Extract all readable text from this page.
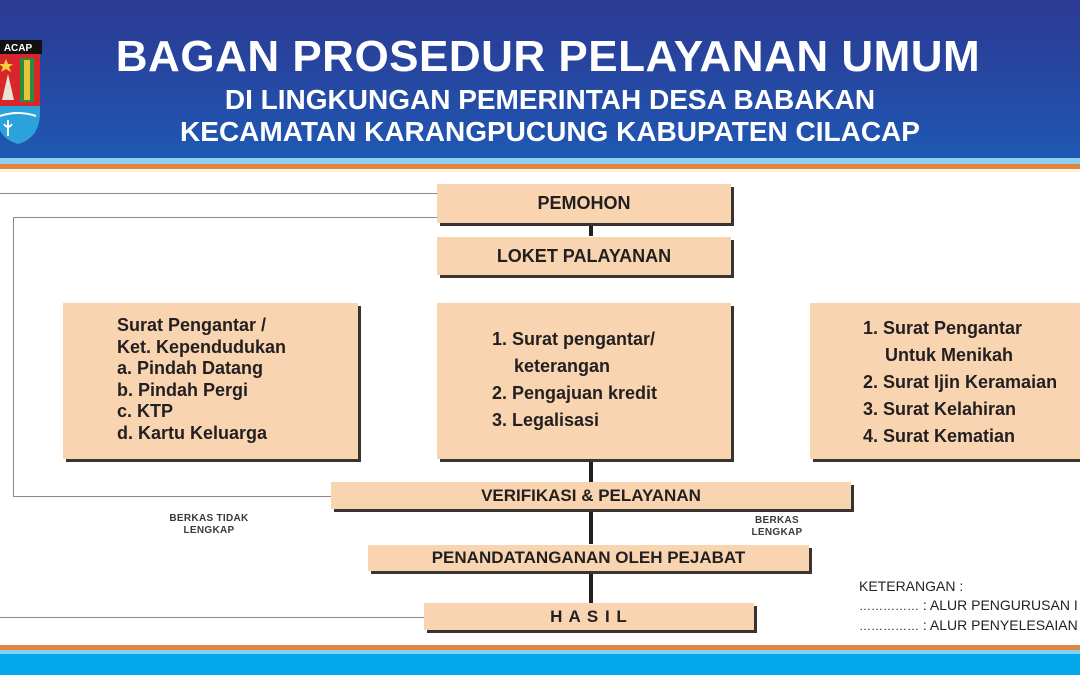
ACAP	BAGAN PROSEDUR PELAYANAN UMUM
DI LINGKUNGAN PEMERINTAH DESA BABAKAN
KECAMATAN KARANGPUCUNG KABUPATEN CILACAP
PEMOHON
LOKET PALAYANAN
Surat Pengantar /
Ket. Kependudukan
a. Pindah Datang
b. Pindah Pergi
c. KTP
d. Kartu Keluarga
1. Surat pengantar/
keterangan
2. Pengajuan kredit
3. Legalisasi
1. Surat Pengantar
Untuk Menikah
2. Surat Ijin Keramaian
3. Surat Kelahiran
4. Surat Kematian
VERIFIKASI & PELAYANAN
PENANDATANGANAN OLEH PEJABAT
H A S I L
BERKAS TIDAK
LENGKAP
BERKAS
LENGKAP
KETERANGAN :
…………… : ALUR PENGURUSAN I
…………… : ALUR PENYELESAIAN
